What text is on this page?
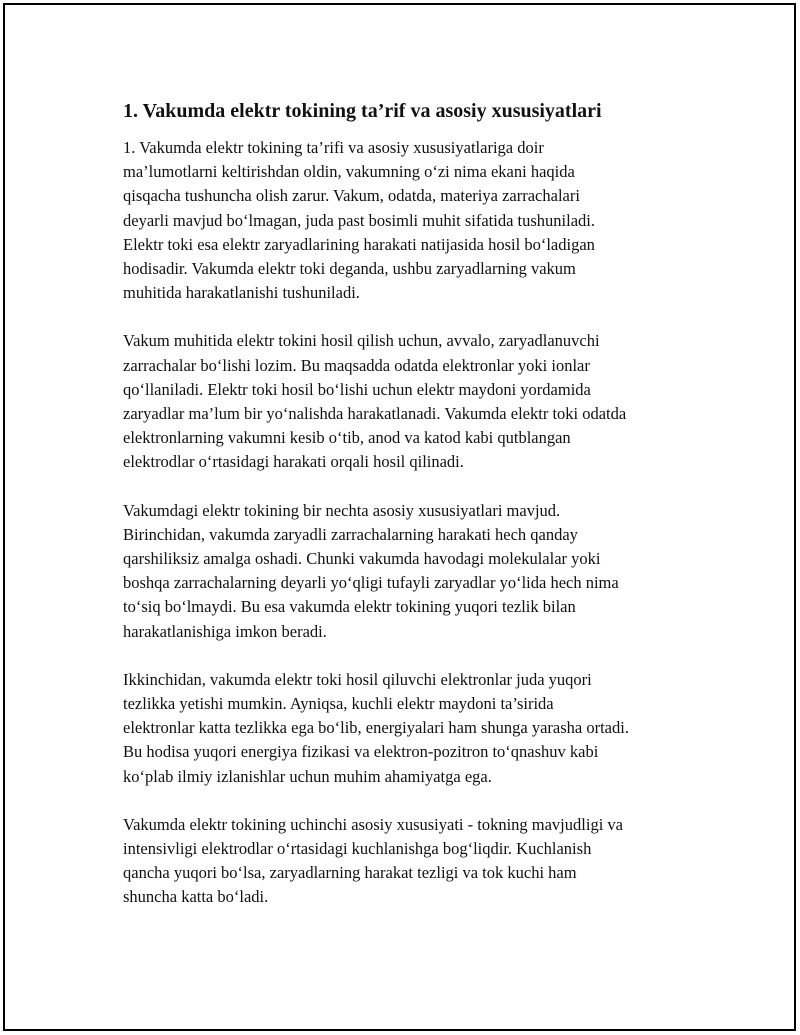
1. Vakumda elektr tokining ta’rif va asosiy xususiyatlari

1. Vakumda elektr tokining ta’rifi va asosiy xususiyatlariga doir
ma’lumotlarni keltirishdan oldin, vakumning o‘zi nima ekani haqida
qisqacha tushuncha olish zarur. Vakum, odatda, materiya zarrachalari
deyarli mavjud bo‘lmagan, juda past bosimli muhit sifatida tushuniladi.
Elektr toki esa elektr zaryadlarining harakati natijasida hosil bo‘ladigan
hodisadir. Vakumda elektr toki deganda, ushbu zaryadlarning vakum
muhitida harakatlanishi tushuniladi.

Vakum muhitida elektr tokini hosil qilish uchun, avvalo, zaryadlanuvchi
zarrachalar bo‘lishi lozim. Bu maqsadda odatda elektronlar yoki ionlar
qo‘llaniladi. Elektr toki hosil bo‘lishi uchun elektr maydoni yordamida
zaryadlar ma’lum bir yo‘nalishda harakatlanadi. Vakumda elektr toki odatda
elektronlarning vakumni kesib o‘tib, anod va katod kabi qutblangan
elektrodlar o‘rtasidagi harakati orqali hosil qilinadi.

Vakumdagi elektr tokining bir nechta asosiy xususiyatlari mavjud.
Birinchidan, vakumda zaryadli zarrachalarning harakati hech qanday
qarshiliksiz amalga oshadi. Chunki vakumda havodagi molekulalar yoki
boshqa zarrachalarning deyarli yo‘qligi tufayli zaryadlar yo‘lida hech nima
to‘siq bo‘lmaydi. Bu esa vakumda elektr tokining yuqori tezlik bilan
harakatlanishiga imkon beradi.

Ikkinchidan, vakumda elektr toki hosil qiluvchi elektronlar juda yuqori
tezlikka yetishi mumkin. Ayniqsa, kuchli elektr maydoni ta’sirida
elektronlar katta tezlikka ega bo‘lib, energiyalari ham shunga yarasha ortadi.
Bu hodisa yuqori energiya fizikasi va elektron-pozitron to‘qnashuv kabi
ko‘plab ilmiy izlanishlar uchun muhim ahamiyatga ega.

Vakumda elektr tokining uchinchi asosiy xususiyati - tokning mavjudligi va
intensivligi elektrodlar o‘rtasidagi kuchlanishga bog‘liqdir. Kuchlanish
qancha yuqori bo‘lsa, zaryadlarning harakat tezligi va tok kuchi ham
shuncha katta bo‘ladi.
